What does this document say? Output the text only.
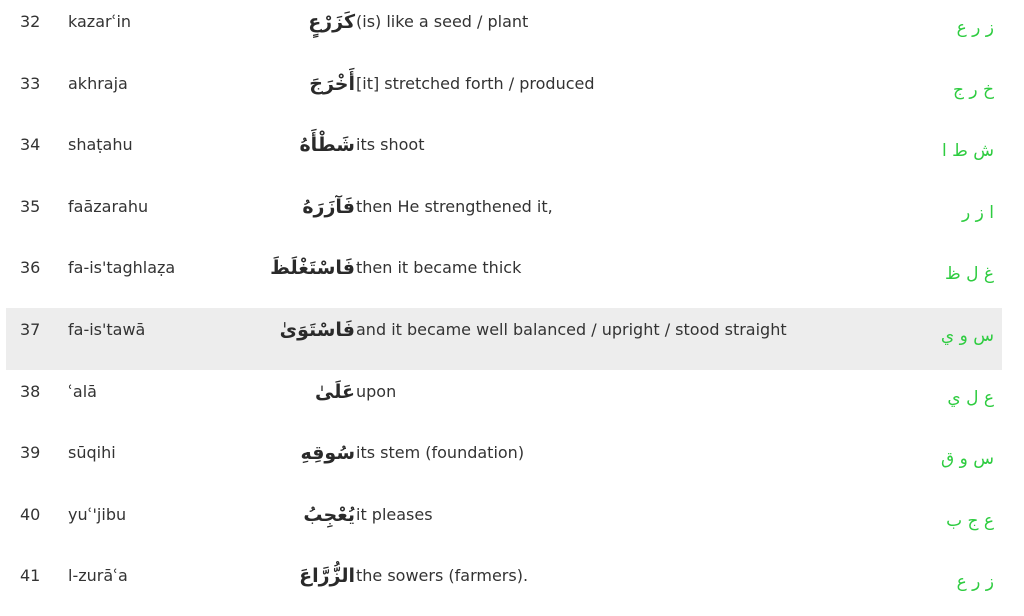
32	kazarʿin	كَزَرْعٍ (is) like a seed / plant	ز ر ع
33	akhraja	أَخْرَجَ [it] stretched forth / produced	خ ر ج
34	shaṭahu	شَطْأَهُ its shoot	ش ط ا
35	faāzarahu	فَآزَرَهُ then He strengthened it,	ا ز ر
36	fa-is'taghlaẓa	فَاسْتَغْلَظَ then it became thick	غ ل ظ
37	fa-is'tawā	فَاسْتَوَىٰ and it became well balanced / upright / stood straight	س و ي
38	ʿalā	عَلَىٰ upon	ع ل ي
39	sūqihi	سُوقِهِ its stem (foundation)	س و ق
40	yuʿ'jibu	يُعْجِبُ it pleases	ع ج ب
41	l-zurāʿa	الزُّرَّاعَ the sowers (farmers).	ز ر ع
